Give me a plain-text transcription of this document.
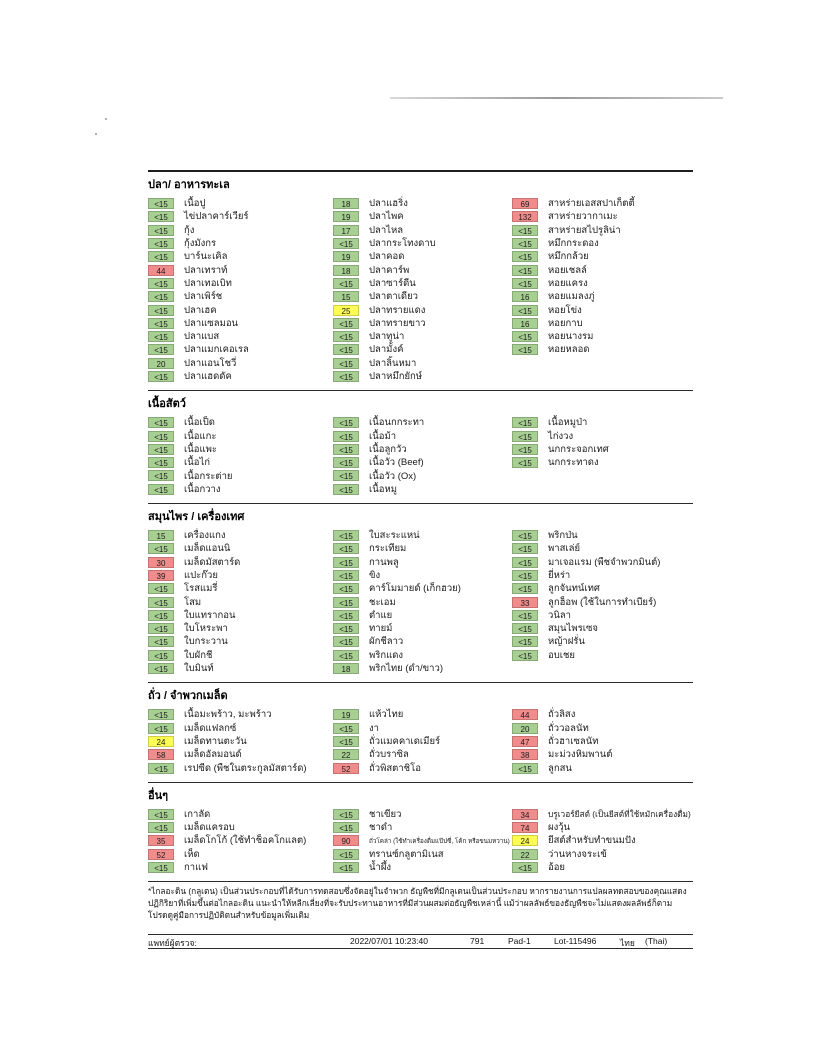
ปลา/ อาหารทะเล
<15	เนื้อปู
<15	ไข่ปลาคาร์เวียร์
<15	กุ้ง
<15	กุ้งมังกร
<15	บาร์นะเคิล
44	ปลาเทราท์
<15	ปลาเทอเบิท
<15	ปลาเพิร์ช
<15	ปลาเฮค
<15	ปลาแซลมอน
<15	ปลาแบส
<15	ปลาแมกเคอเรล
20	ปลาแอนโชวี่
<15	ปลาแฮดดัค
18	ปลาแฮริ่ง
19	ปลาไพค
17	ปลาไหล
<15	ปลากระโทงดาบ
19	ปลาคอด
18	ปลาคาร์พ
<15	ปลาซาร์ดีน
15	ปลาตาเดียว
25	ปลาทรายแดง
<15	ปลาทรายขาว
<15	ปลาทูน่า
<15	ปลามั้งค์
<15	ปลาลิ้นหมา
<15	ปลาหมึกยักษ์
69	สาหร่ายเอสสปาเก็ตตี้
132	สาหร่ายวากาเมะ
<15	สาหร่ายสไปรูลิน่า
<15	หมึกกระดอง
<15	หมึกกล้วย
<15	หอยเชลล์
<15	หอยแครง
16	หอยแมลงภู่
<15	หอยโข่ง
16	หอยกาบ
<15	หอยนางรม
<15	หอยหลอด
เนื้อสัตว์
<15	เนื้อเป็ด
<15	เนื้อแกะ
<15	เนื้อแพะ
<15	เนื้อไก่
<15	เนื้อกระต่าย
<15	เนื้อกวาง
<15	เนื้อนกกระทา
<15	เนื้อม้า
<15	เนื้อลูกวัว
<15	เนื้อวัว (Beef)
<15	เนื้อวัว (Ox)
<15	เนื้อหมู
<15	เนื้อหมูป่า
<15	ไก่งวง
<15	นกกระจอกเทศ
<15	นกกระทาดง
สมุนไพร / เครื่องเทศ
15	เครื่องแกง
<15	เมล็ดแอนนิ
30	เมล็ดมัสตาร์ด
39	แปะก๊วย
<15	โรสแมรี่
<15	โสม
<15	ใบแทรากอน
<15	ใบโหระพา
<15	ใบกระวาน
<15	ใบผักชี
<15	ใบมินท์
<15	ใบสะระแหน่
<15	กระเทียม
<15	กานพลู
<15	ขิง
<15	คาร์โมมายด์ (เก็กฮวย)
<15	ชะเอม
<15	ตำแย
<15	ทายม์
<15	ผักชีลาว
<15	พริกแดง
18	พริกไทย (ดำ/ขาว)
<15	พริกป่น
<15	พาสเล่ย์
<15	มาเจอแรม (พืชจำพวกมินต์)
<15	ยี่หร่า
<15	ลูกจันทน์เทศ
33	ลูกฮ็อพ (ใช้ในการทำเบียร์)
<15	วนิลา
<15	สมุนไพรเซจ
<15	หญ้าฝรั่น
<15	อบเชย
ถั่ว / จำพวกเมล็ด
<15	เนื้อมะพร้าว, มะพร้าว
<15	เมล็ดแฟลกซ์
24	เมล็ดทานตะวัน
58	เมล็ดอัลมอนด์
<15	เรปซีด (พืชในตระกูลมัสตาร์ด)
19	แห้วไทย
<15	งา
<15	ถั่วแมคคาเดเมียร์
22	ถั่วบราซิล
52	ถั่วพิสตาชิโอ
44	ถั่วลิสง
20	ถั่ววอลนัท
47	ถั่วฮาเซลนัท
38	มะม่วงหิมพานต์
<15	ลูกสน
อื่นๆ
<15	เกาลัด
<15	เมล็ดแครอบ
35	เมล็ดโกโก้ (ใช้ทำช็อคโกแลต)
52	เห็ด
<15	กาแฟ
<15	ชาเขียว
<15	ชาดำ
90	ถั่วโคล่า (ใช้ทำเครื่องดื่มแป๊ปซี่, โค้ก หรือขนมหวาน)
<15	ทรานซ์กลูตามิเนส
<15	น้ำผึ้ง
34	บรูเวอร์ยีสต์ (เป็นยีสต์ที่ใช้หมักเครื่องดื่ม)
74	ผงวุ้น
24	ยีสต์สำหรับทำขนมปัง
22	ว่านหางจระเข้
<15	อ้อย
*ไกลอะดิน (กลูเตน) เป็นส่วนประกอบที่ได้รับการทดสอบซึ่งจัดอยู่ในจำพวก ธัญพืชที่มีกลูเตนเป็นส่วนประกอบ หากรายงานการแปลผลทดสอบของคุณแสดงปฏิกิริยาที่เพิ่มขึ้นต่อไกลอะดิน แนะนำให้หลีกเลี่ยงที่จะรับประทานอาหารที่มีส่วนผสมต่อธัญพืชเหล่านี้ แม้ว่าผลลัพธ์ของธัญพืชจะไม่แสดงผลลัพธ์ก็ตาม โปรดดูคู่มือการปฏิบัติตนสำหรับข้อมูลเพิ่มเติม
แพทย์ผู้ตรวจ:	2022/07/01 10:23:40	791	Pad-1	Lot-115496	ไทย (Thai)
